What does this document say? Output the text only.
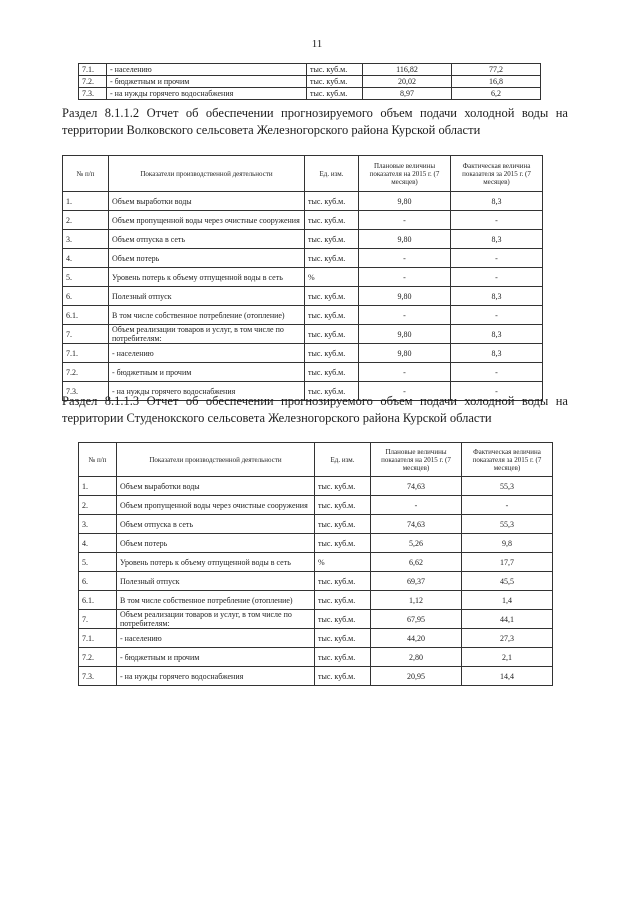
11
7.1.	- населению	тыс. куб.м.	116,82	77,2
7.2.	- бюджетным и прочим	тыс. куб.м.	20,02	16,8
7.3.	- на нужды горячего водоснабжения	тыс. куб.м.	8,97	6,2
Раздел 8.1.1.2 Отчет об обеспечении прогнозируемого объем подачи холодной воды на территории Волковского сельсовета Железногорского района Курской области
№ п/п	Показатели производственной деятельности	Ед. изм.	Плановые величины показателя на 2015 г. (7 месяцев)	Фактическая величина показателя за 2015 г. (7 месяцев)
1.	Объем выработки воды	тыс. куб.м.	9,80	8,3
2.	Объем пропущенной воды через очистные сооружения	тыс. куб.м.	-	-
3.	Объем отпуска в сеть	тыс. куб.м.	9,80	8,3
4.	Объем потерь	тыс. куб.м.	-	-
5.	Уровень потерь к объему отпущенной воды в сеть	%	-	-
6.	Полезный отпуск	тыс. куб.м.	9,80	8,3
6.1.	В том числе собственное потребление (отопление)	тыс. куб.м.	-	-
7.	Объем реализации товаров и услуг, в том числе по потребителям:	тыс. куб.м.	9,80	8,3
7.1.	- населению	тыс. куб.м.	9,80	8,3
7.2.	- бюджетным и прочим	тыс. куб.м.	-	-
7.3.	- на нужды горячего водоснабжения	тыс. куб.м.	-	-
Раздел 8.1.1.3 Отчет об обеспечении прогнозируемого объем подачи холодной воды на территории Студенокского сельсовета Железногорского района Курской области
№ п/п	Показатели производственной деятельности	Ед. изм.	Плановые величины показателя на 2015 г. (7 месяцев)	Фактическая величина показателя за 2015 г. (7 месяцев)
1.	Объем выработки воды	тыс. куб.м.	74,63	55,3
2.	Объем пропущенной воды через очистные сооружения	тыс. куб.м.	-	-
3.	Объем отпуска в сеть	тыс. куб.м.	74,63	55,3
4.	Объем потерь	тыс. куб.м.	5,26	9,8
5.	Уровень потерь к объему отпущенной воды в сеть	%	6,62	17,7
6.	Полезный отпуск	тыс. куб.м.	69,37	45,5
6.1.	В том числе собственное потребление (отопление)	тыс. куб.м.	1,12	1,4
7.	Объем реализации товаров и услуг, в том числе по потребителям:	тыс. куб.м.	67,95	44,1
7.1.	- населению	тыс. куб.м.	44,20	27,3
7.2.	- бюджетным и прочим	тыс. куб.м.	2,80	2,1
7.3.	- на нужды горячего водоснабжения	тыс. куб.м.	20,95	14,4
